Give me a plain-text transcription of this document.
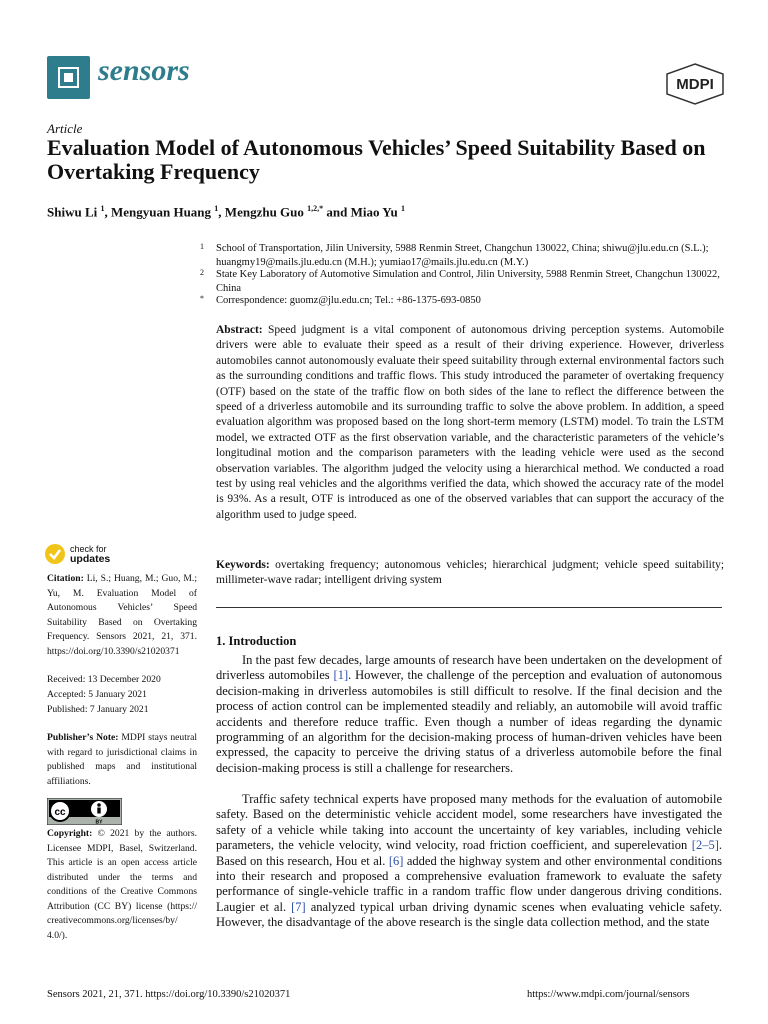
sensors	MDPI
Article
Evaluation Model of Autonomous Vehicles’ Speed Suitability Based on Overtaking Frequency
Shiwu Li $^1$, Mengyuan Huang $^1$, Mengzhu Guo $^{1,2,*}$ and Miao Yu $^1$
1 School of Transportation, Jilin University, 5988 Renmin Street, Changchun 130022, China; shiwu@jlu.edu.cn (S.L.); huangmy19@mails.jlu.edu.cn (M.H.); yumiao17@mails.jlu.edu.cn (M.Y.)
2 State Key Laboratory of Automotive Simulation and Control, Jilin University, 5988 Renmin Street, Changchun 130022, China
* Correspondence: guomz@jlu.edu.cn; Tel.: +86-1375-693-0850
Abstract: Speed judgment is a vital component of autonomous driving perception systems. Automobile drivers were able to evaluate their speed as a result of their driving experience. However, driverless automobiles cannot autonomously evaluate their speed suitability through external environmental factors such as the surrounding conditions and traffic flows. This study introduced the parameter of overtaking frequency (OTF) based on the state of the traffic flow on both sides of the lane to reflect the difference between the speed of a driverless automobile and its surrounding traffic to solve the above problem. In addition, a speed evaluation algorithm was proposed based on the long short-term memory (LSTM) model. To train the LSTM model, we extracted OTF as the first observation variable, and the characteristic parameters of the vehicle’s longitudinal motion and the comparison parameters with the leading vehicle were used as the second observation variables. The algorithm judged the velocity using a hierarchical method. We conducted a road test by using real vehicles and the algorithms verified the data, which showed the accuracy rate of the model is 93%. As a result, OTF is introduced as one of the observed variables that can support the accuracy of the algorithm used to judge speed.
Keywords: overtaking frequency; autonomous vehicles; hierarchical judgment; vehicle speed suitability; millimeter-wave radar; intelligent driving system
check for
updates
Citation: Li, S.; Huang, M.; Guo, M.; Yu, M. Evaluation Model of Autonomous Vehicles’ Speed Suitability Based on Overtaking Frequency. Sensors 2021, 21, 371. https://doi.org/10.3390/s21020371
Received: 13 December 2020
Accepted: 5 January 2021
Published: 7 January 2021
Publisher’s Note: MDPI stays neutral with regard to jurisdictional claims in published maps and institutional affiliations.
cc
BY
Copyright: © 2021 by the authors. Licensee MDPI, Basel, Switzerland. This article is an open access article distributed under the terms and conditions of the Creative Commons Attribution (CC BY) license (https:// creativecommons.org/licenses/by/ 4.0/).
1. Introduction
In the past few decades, large amounts of research have been undertaken on the development of driverless automobiles [1]. However, the challenge of the perception and evaluation of autonomous decision-making in driverless automobiles is still difficult to resolve. If the final decision and the process of action control can be implemented steadily and reliably, an automobile will avoid traffic accidents and therefore reduce traffic. Even though a number of ideas regarding the dynamic programming of an algorithm for the decision-making process of human-driven vehicles have been expressed, the capacity to perceive the driving status of a driverless automobile before the final decision-making process is still a challenge for researchers.
Traffic safety technical experts have proposed many methods for the evaluation of automobile safety. Based on the deterministic vehicle accident model, some researchers have investigated the safety of a vehicle while taking into account the uncertainty of key variables, including vehicle parameters, the vehicle velocity, wind velocity, road friction coefficient, and superelevation [2–5]. Based on this research, Hou et al. [6] added the highway system and other environmental conditions into their research and proposed a comprehensive evaluation framework to evaluate the safety performance of single-vehicle traffic in a random traffic flow under dangerous driving conditions. Laugier et al. [7] analyzed typical urban driving dynamic scenes when evaluating vehicle safety. However, the disadvantage of the above research is the single data collection method, and the state
Sensors 2021, 21, 371. https://doi.org/10.3390/s21020371	https://www.mdpi.com/journal/sensors
